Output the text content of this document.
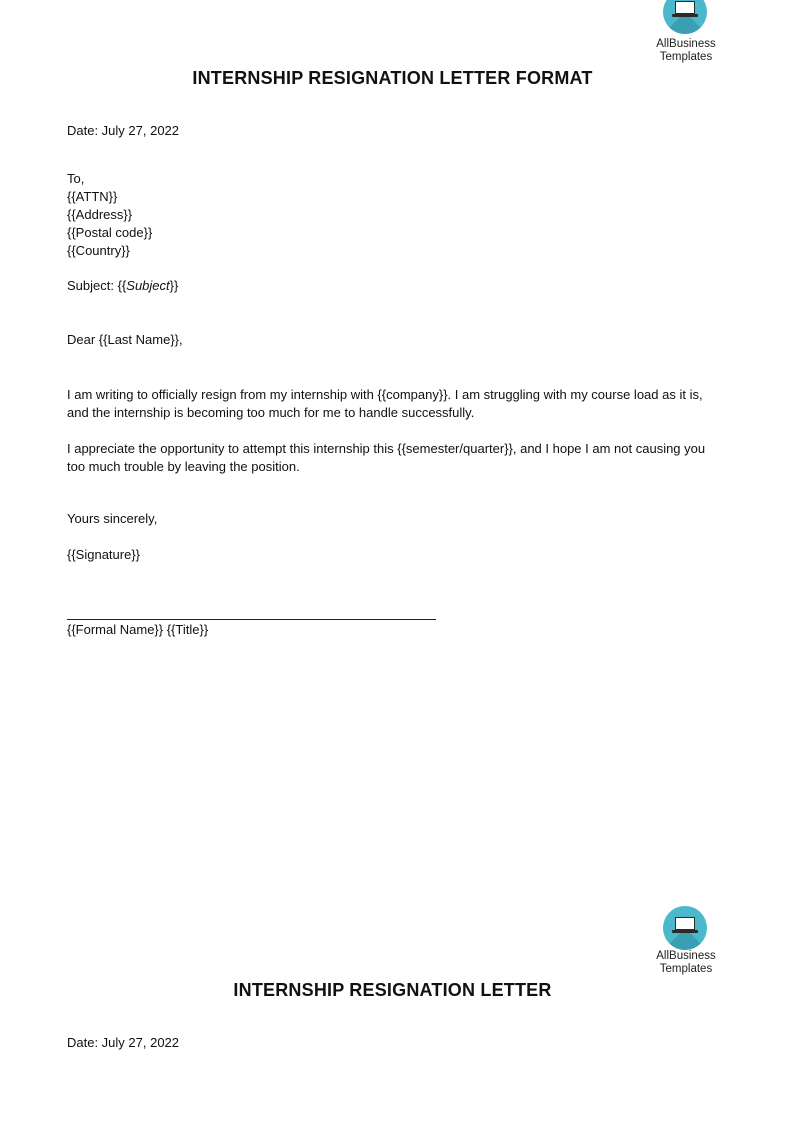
AllBusiness
Templates
INTERNSHIP RESIGNATION LETTER FORMAT

Date: July 27, 2022

To,

{{ATTN}}

{{Address}}

{{Postal code}}

{{Country}}

Subject: {{Subject}}

Dear {{Last Name}},

I am writing to officially resign from my internship with {{company}}. I am struggling with my course load as it is, and the internship is becoming too much for me to handle successfully.

I appreciate the opportunity to attempt this internship this {{semester/quarter}}, and I hope I am not causing you too much trouble by leaving the position.

Yours sincerely,

{{Signature}}

{{Formal Name}} {{Title}}

AllBusiness
Templates
INTERNSHIP RESIGNATION LETTER

Date: July 27, 2022
